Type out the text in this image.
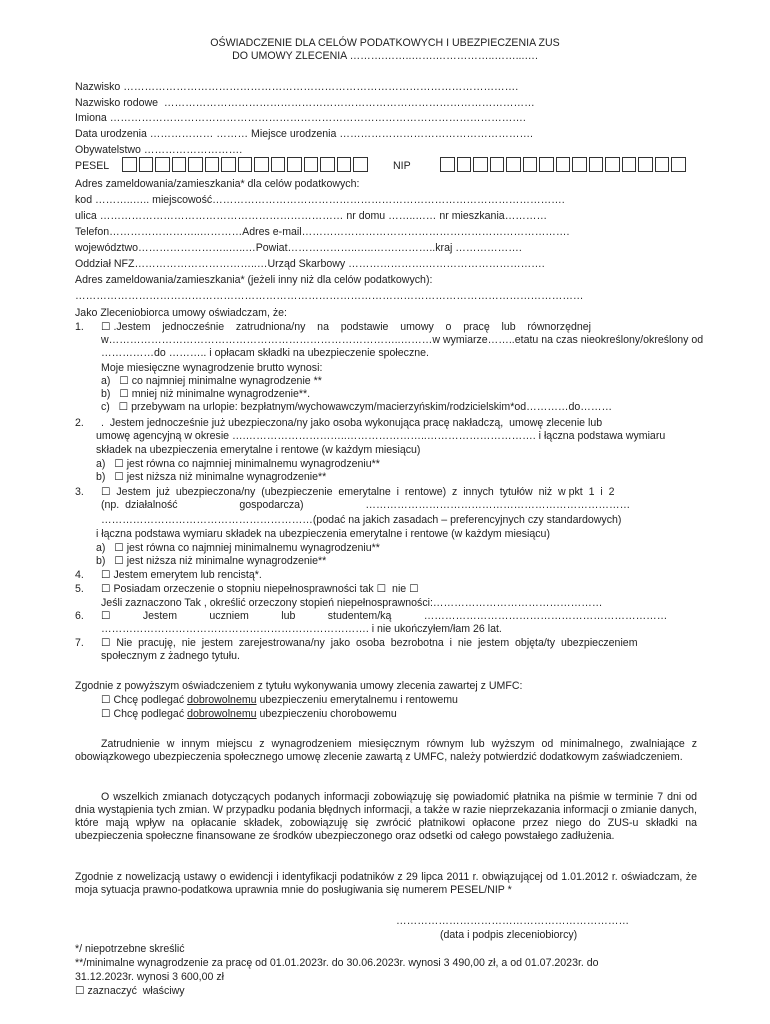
OŚWIADCZENIE DLA CELÓW PODATKOWYCH I UBEZPIECZENIA ZUS
DO UMOWY ZLECENIA ……….……..…….……………..……...….
Nazwisko ………………………………………………………………………………………………….
Nazwisko rodowe  ……………………………………………………………………………………………
Imiona ……………………………………………………………………………………………………….
Data urodzenia ……………… ……… Miejsce urodzenia ……………………………………………….
Obywatelstwo ……………………….
PESEL	NIP
Adres zameldowania/zamieszkania* dla celów podatkowych:
kod ………..….. miejscowość……………………………………………………………………………………….
ulica …………………………………………………………… nr domu ……..…… nr mieszkania…………
Telefon……………………..…………Adres e-mail………………………………………………………………….
województwo……………………..…..…Powiat………………..…..…….………..kraj ……………….
Oddział NFZ……………………………..…Urząd Skarbowy ………………….…………………………….
Adres zameldowania/zamieszkania* (jeżeli inny niż dla celów podatkowych):
………………………………………………………………………………………………………………………………
Jako Zleceniobiorca umowy oświadczam, że:
1. ☐ .Jestem    jednocześnie    zatrudniona/ny    na    podstawie    umowy    o    pracę    lub    równorzędnej
w………………………………………………………………………..………w wymiarze……..etatu na czas nieokreślony/określony od
……………do ……….. i opłacam składki na ubezpieczenie społeczne.
Moje miesięczne wynagrodzenie brutto wynosi:
a)   ☐ co najmniej minimalne wynagrodzenie **
b)   ☐ mniej niż minimalne wynagrodzenie**.
c)   ☐ przebywam na urlopie: bezpłatnym/wychowawczym/macierzyńskim/rodzicielskim*od…………do………
2. .  Jestem jednocześnie już ubezpieczona/ny jako osoba wykonująca pracę nakładczą,  umowę zlecenie lub
umowę agencyjną w okresie ….………………………..…………………..…………………………. i łączna podstawa wymiaru
składek na ubezpieczenia emerytalne i rentowe (w każdym miesiącu)
a)   ☐ jest równa co najmniej minimalnemu wynagrodzeniu**
b)   ☐ jest niższa niż minimalne wynagrodzenie**
3. ☐  Jestem  już  ubezpieczona/ny  (ubezpieczenie  emerytalne  i  rentowe)  z  innych  tytułów  niż  w pkt  1  i  2
(np.  działalność                     gospodarcza)                     …………………………………………………………………
……………………………………………………(podać na jakich zasadach – preferencyjnych czy standardowych)
i łączna podstawa wymiaru składek na ubezpieczenia emerytalne i rentowe (w każdym miesiącu)
a)   ☐ jest równa co najmniej minimalnemu wynagrodzeniu**
b)   ☐ jest niższa niż minimalne wynagrodzenie**
4. ☐ Jestem emerytem lub rencistą*.
5. ☐ Posiadam orzeczenie o stopniu niepełnosprawności tak ☐  nie ☐
Jeśli zaznaczono Tak , określić orzeczony stopień niepełnosprawności:…………………………………………
6. ☐           Jestem           uczniem           lub           studentem/ką           ……………………………………………………………
…………………………………………………………………. i nie ukończyłem/łam 26 lat.
7. ☐  Nie  pracuję,  nie  jestem  zarejestrowana/ny  jako  osoba  bezrobotna  i  nie  jestem  objęta/ty  ubezpieczeniem
społecznym z żadnego tytułu.
Zgodnie z powyższym oświadczeniem z tytułu wykonywania umowy zlecenia zawartej z UMFC:
☐ Chcę podlegać dobrowolnemu ubezpieczeniu emerytalnemu i rentowemu
☐ Chcę podlegać dobrowolnemu ubezpieczeniu chorobowemu
Zatrudnienie w innym miejscu z wynagrodzeniem miesięcznym równym lub wyższym od minimalnego, zwalniające z obowiązkowego ubezpieczenia społecznego umowę zlecenie zawartą z UMFC, należy potwierdzić dodatkowym zaświadczeniem.
O wszelkich zmianach dotyczących podanych informacji zobowiązuję się powiadomić płatnika na piśmie w terminie 7 dni od dnia wystąpienia tych zmian. W przypadku podania błędnych informacji, a także w razie nieprzekazania informacji o zmianie danych, które mają wpływ na opłacanie składek, zobowiązuję się zwrócić płatnikowi opłacone przez niego do ZUS-u składki na ubezpieczenia społeczne finansowane ze środków ubezpieczonego oraz odsetki od całego powstałego zadłużenia.
Zgodnie z nowelizacją ustawy o ewidencji i identyfikacji podatników z 29 lipca 2011 r. obwiązującej od 1.01.2012 r. oświadczam, że moja sytuacja prawno-podatkowa uprawnia mnie do posługiwania się numerem PESEL/NIP *
…………………………………………………………
(data i podpis zleceniobiorcy)
*/ niepotrzebne skreślić
**/minimalne wynagrodzenie za pracę od 01.01.2023r. do 30.06.2023r. wynosi 3 490,00 zł, a od 01.07.2023r. do
31.12.2023r. wynosi 3 600,00 zł
☐ zaznaczyć  właściwy
